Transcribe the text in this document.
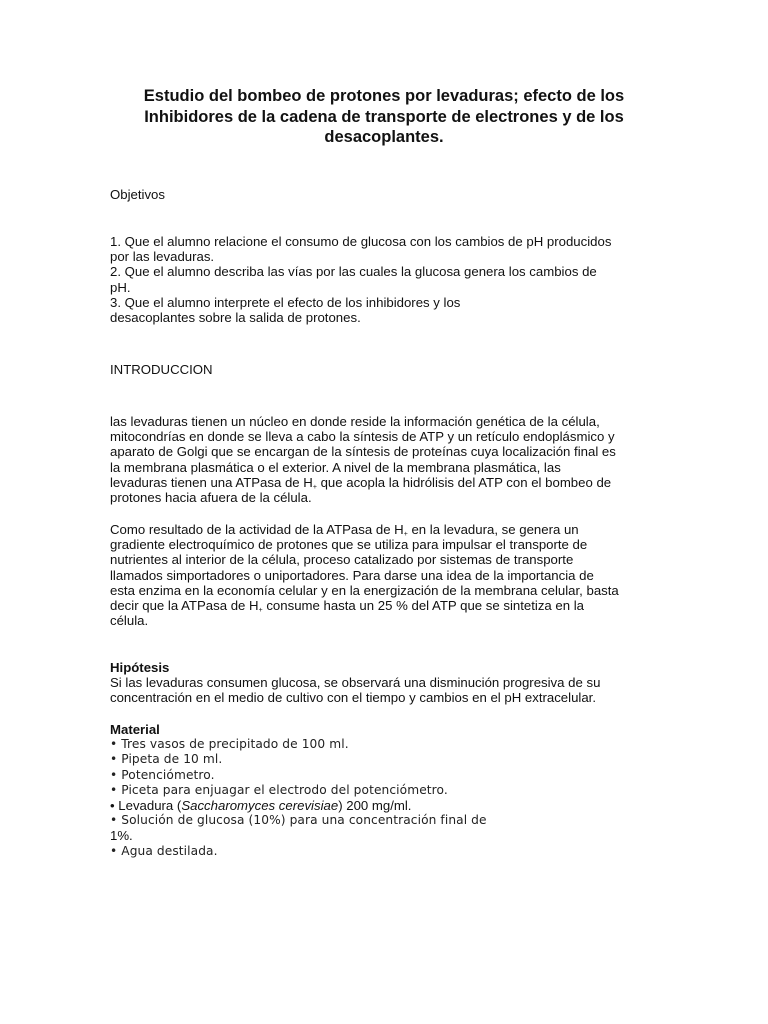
Estudio del bombeo de protones por levaduras; efecto de los
Inhibidores de la cadena de transporte de electrones y de los
desacoplantes.
Objetivos
1. Que el alumno relacione el consumo de glucosa con los cambios de pH producidos
por las levaduras.
2. Que el alumno describa las vías por las cuales la glucosa genera los cambios de
pH.
3. Que el alumno interprete el efecto de los inhibidores y los
desacoplantes sobre la salida de protones.
INTRODUCCION
las levaduras tienen un núcleo en donde reside la información genética de la célula,
mitocondrías en donde se lleva a cabo la síntesis de ATP y un retículo endoplásmico y
aparato de Golgi que se encargan de la síntesis de proteínas cuya localización final es
la membrana plasmática o el exterior. A nivel de la membrana plasmática, las
levaduras tienen una ATPasa de $H_+$ que acopla la hidrólisis del ATP con el bombeo de
protones hacia afuera de la célula.
Como resultado de la actividad de la ATPasa de $H_+$ en la levadura, se genera un
gradiente electroquímico de protones que se utiliza para impulsar el transporte de
nutrientes al interior de la célula, proceso catalizado por sistemas de transporte
llamados simportadores o uniportadores. Para darse una idea de la importancia de
esta enzima en la economía celular y en la energización de la membrana celular, basta
decir que la ATPasa de $H_+$ consume hasta un 25 % del ATP que se sintetiza en la
célula.
Hipótesis
Si las levaduras consumen glucosa, se observará una disminución progresiva de su
concentración en el medio de cultivo con el tiempo y cambios en el pH extracelular.
Material
• Tres vasos de precipitado de 100 ml.
• Pipeta de 10 ml.
• Potenciómetro.
• Piceta para enjuagar el electrodo del potenciómetro.
• Levadura (Saccharomyces cerevisiae) 200 mg/ml.
• Solución de glucosa (10%) para una concentración final de
1%.
• Agua destilada.
